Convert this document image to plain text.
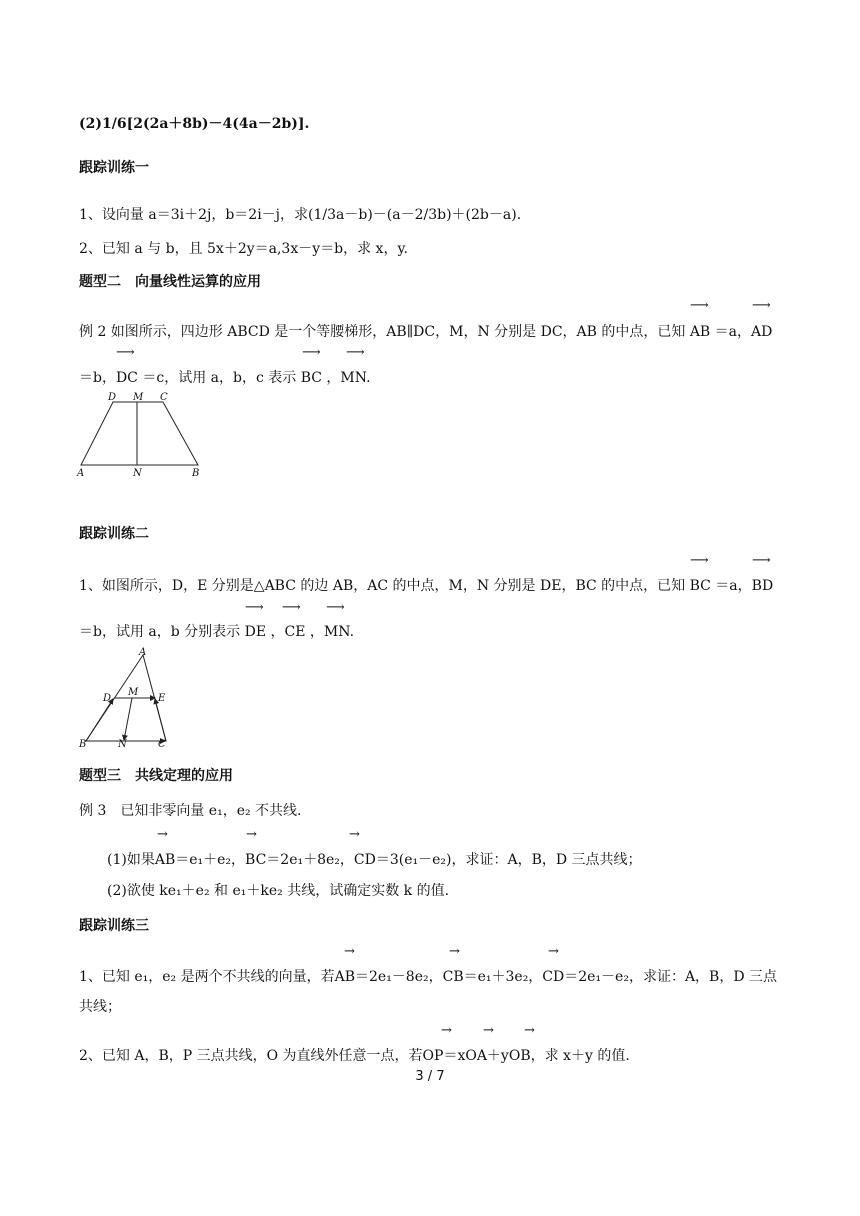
(2)1/6[2(2a＋8b)－4(4a－2b)].
跟踪训练一
1、设向量 a＝3i＋2j，b＝2i－j，求(1/3a－b)－(a－2/3b)＋(2b－a).
2、已知 a 与 b，且 5x＋2y＝a,3x－y＝b，求 x，y.
题型二　向量线性运算的应用
⟶	⟶
例 2 如图所示，四边形 ABCD 是一个等腰梯形，AB∥DC，M，N 分别是 DC，AB 的中点，已知 AB ＝a，AD
⟶	⟶ ⟶
＝b，DC ＝c，试用 a，b，c 表示 BC ，MN.
D M C
A	N	B
跟踪训练二
⟶	⟶
1、如图所示，D，E 分别是△ABC 的边 AB，AC 的中点，M，N 分别是 DE，BC 的中点，已知 BC ＝a，BD
⟶ ⟶ ⟶
＝b，试用 a，b 分别表示 DE ，CE ，MN.
A
D
M
E
B	N	C
题型三　共线定理的应用
例 3　已知非零向量 e₁，e₂ 不共线.
→	→	→
(1)如果AB＝e₁＋e₂，BC＝2e₁＋8e₂，CD＝3(e₁－e₂)，求证：A，B，D 三点共线；
(2)欲使 ke₁＋e₂ 和 e₁＋ke₂ 共线，试确定实数 k 的值.
跟踪训练三
→	→	→
1、已知 e₁，e₂ 是两个不共线的向量，若AB＝2e₁－8e₂，CB＝e₁＋3e₂，CD＝2e₁－e₂，求证：A，B，D 三点
共线；
→ → →
2、已知 A，B，P 三点共线，O 为直线外任意一点，若OP＝xOA＋yOB，求 x＋y 的值.
3 / 7
